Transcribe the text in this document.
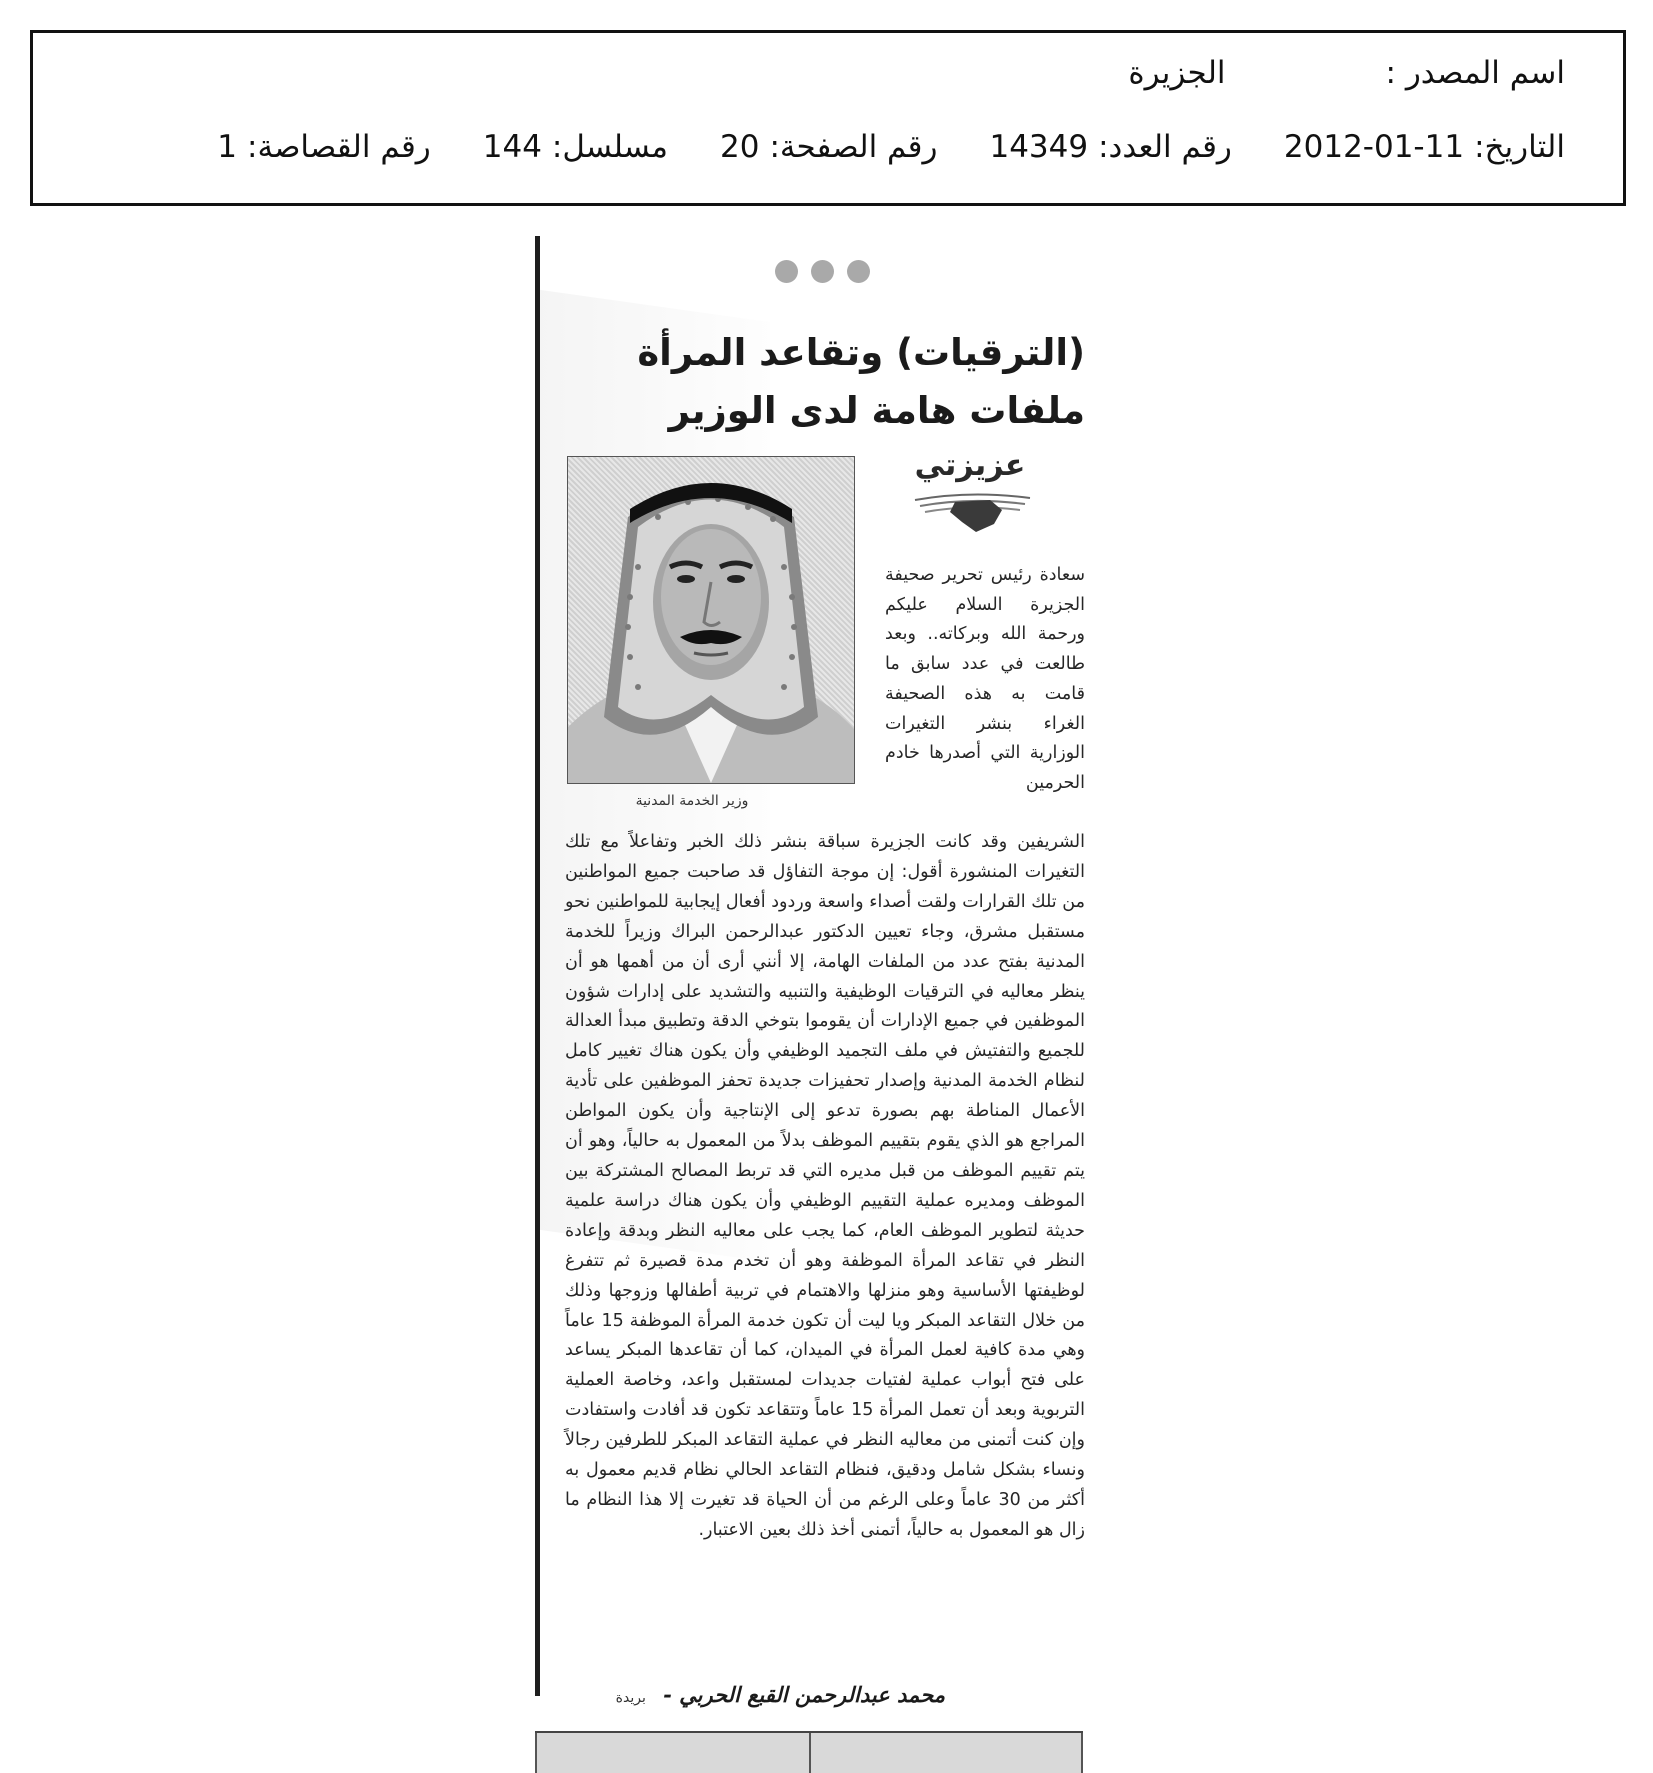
اسم المصدر :
الجزيرة
التاريخ:
2012-01-11
رقم العدد:
14349
رقم الصفحة:
20
مسلسل:
144
رقم القصاصة:
1
(الترقيات) وتقاعد المرأة
ملفات هامة لدى الوزير
عزيزتي
وزير الخدمة المدنية

سعادة رئيس تحرير صحيفة الجزيرة السلام عليكم ورحمة الله وبركاته.. وبعد طالعت في عدد سابق ما قامت به هذه الصحيفة الغراء بنشر التغيرات الوزارية التي أصدرها خادم الحرمين

الشريفين وقد كانت الجزيرة سباقة بنشر ذلك الخبر وتفاعلاً مع تلك التغيرات المنشورة أقول: إن موجة التفاؤل قد صاحبت جميع المواطنين من تلك القرارات ولقت أصداء واسعة وردود أفعال إيجابية للمواطنين نحو مستقبل مشرق، وجاء تعيين الدكتور عبدالرحمن البراك وزيراً للخدمة المدنية بفتح عدد من الملفات الهامة، إلا أنني أرى أن من أهمها هو أن ينظر معاليه في الترقيات الوظيفية والتنبيه والتشديد على إدارات شؤون الموظفين في جميع الإدارات أن يقوموا بتوخي الدقة وتطبيق مبدأ العدالة للجميع والتفتيش في ملف التجميد الوظيفي وأن يكون هناك تغيير كامل لنظام الخدمة المدنية وإصدار تحفيزات جديدة تحفز الموظفين على تأدية الأعمال المناطة بهم بصورة تدعو إلى الإنتاجية وأن يكون المواطن المراجع هو الذي يقوم بتقييم الموظف بدلاً من المعمول به حالياً، وهو أن يتم تقييم الموظف من قبل مديره التي قد تربط المصالح المشتركة بين الموظف ومديره عملية التقييم الوظيفي وأن يكون هناك دراسة علمية حديثة لتطوير الموظف العام، كما يجب على معاليه النظر وبدقة وإعادة النظر في تقاعد المرأة الموظفة وهو أن تخدم مدة قصيرة ثم تتفرغ لوظيفتها الأساسية وهو منزلها والاهتمام في تربية أطفالها وزوجها وذلك من خلال التقاعد المبكر ويا ليت أن تكون خدمة المرأة الموظفة 15 عاماً وهي مدة كافية لعمل المرأة في الميدان، كما أن تقاعدها المبكر يساعد على فتح أبواب عملية لفتيات جديدات لمستقبل واعد، وخاصة العملية التربوية وبعد أن تعمل المرأة 15 عاماً وتتقاعد تكون قد أفادت واستفادت وإن كنت أتمنى من معاليه النظر في عملية التقاعد المبكر للطرفين رجالاً ونساء بشكل شامل ودقيق، فنظام التقاعد الحالي نظام قديم معمول به أكثر من 30 عاماً وعلى الرغم من أن الحياة قد تغيرت إلا هذا النظام ما زال هو المعمول به حالياً، أتمنى أخذ ذلك بعين الاعتبار.

محمد عبدالرحمن القبع الحربي - بريدة
